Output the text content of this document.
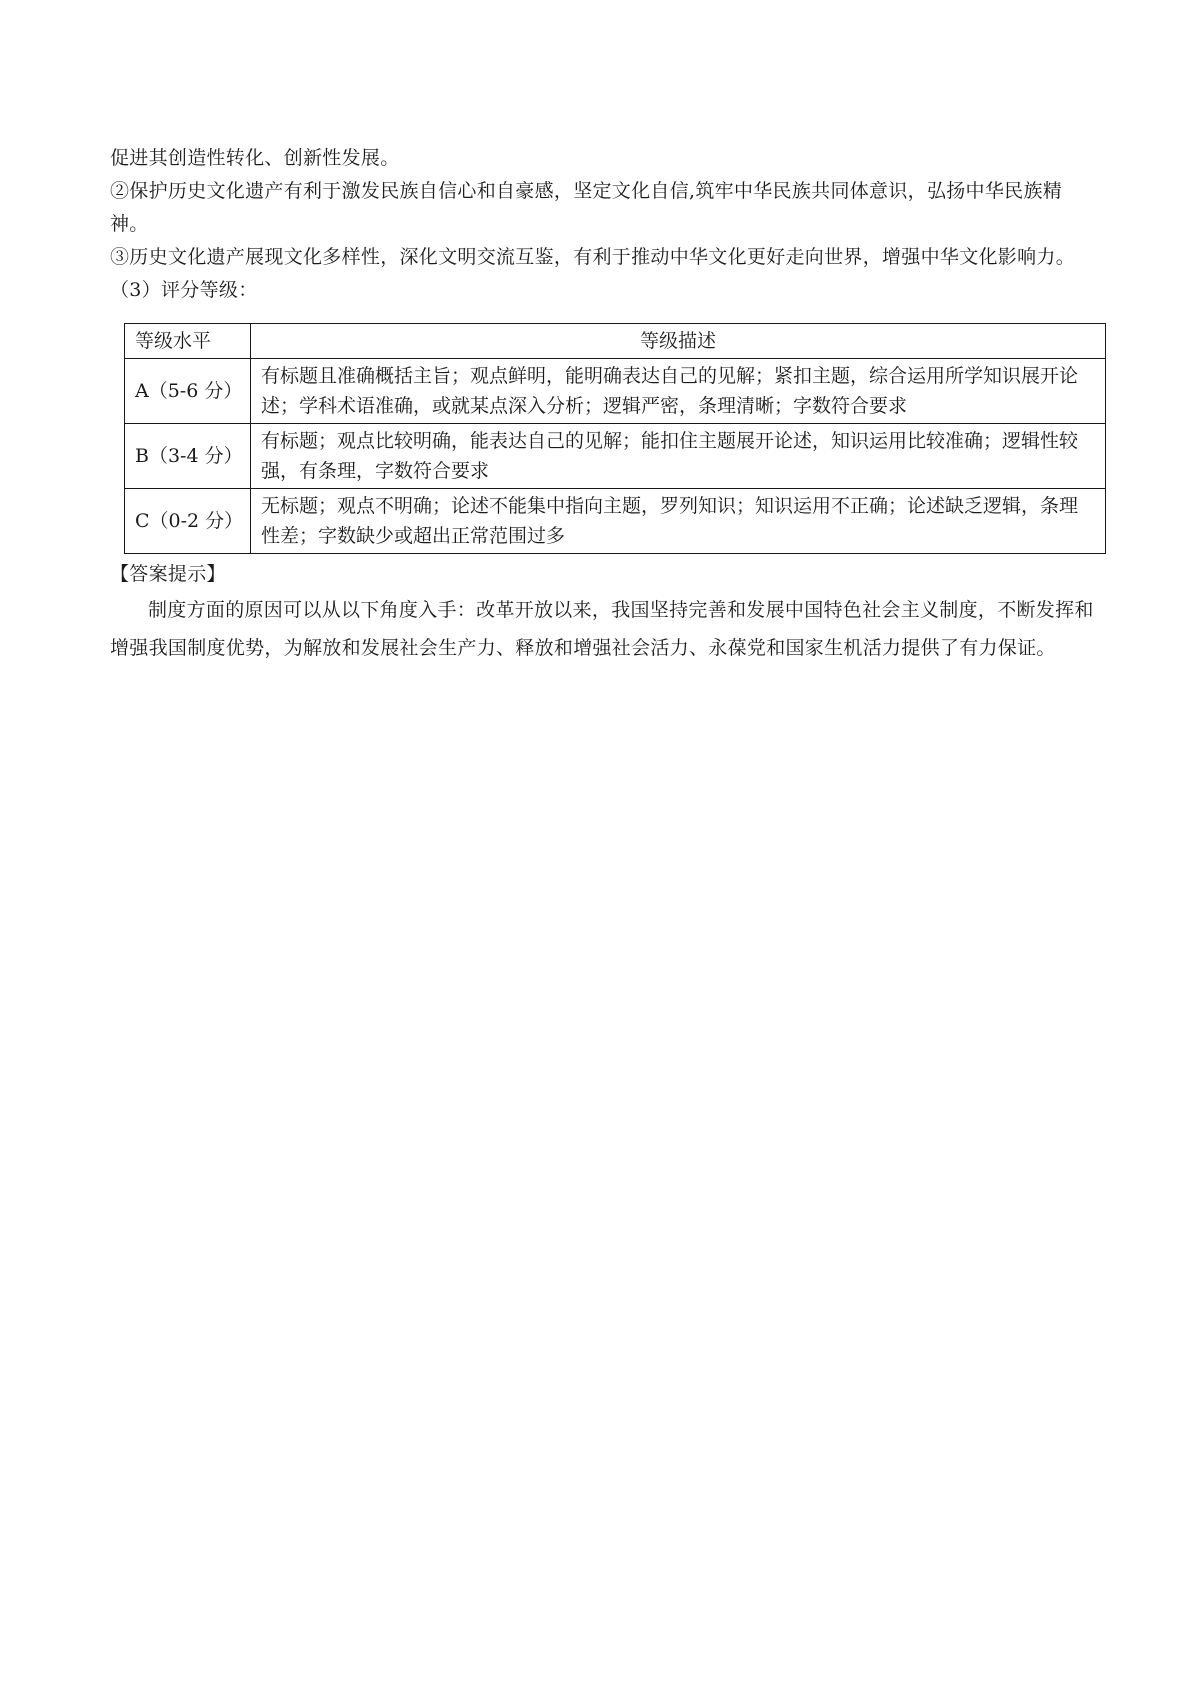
促进其创造性转化、创新性发展。

②保护历史文化遗产有利于激发民族自信心和自豪感，坚定文化自信,筑牢中华民族共同体意识，弘扬中华民族精神。

③历史文化遗产展现文化多样性，深化文明交流互鉴，有利于推动中华文化更好走向世界，增强中华文化影响力。

（3）评分等级：

等级水平	等级描述
A（5-6 分）	有标题且准确概括主旨；观点鲜明，能明确表达自己的见解；紧扣主题，综合运用所学知识展开论述；学科术语准确，或就某点深入分析；逻辑严密，条理清晰；字数符合要求
B（3-4 分）	有标题；观点比较明确，能表达自己的见解；能扣住主题展开论述，知识运用比较准确；逻辑性较强，有条理，字数符合要求
C（0-2 分）	无标题；观点不明确；论述不能集中指向主题，罗列知识；知识运用不正确；论述缺乏逻辑，条理性差；字数缺少或超出正常范围过多

【答案提示】

制度方面的原因可以从以下角度入手：改革开放以来，我国坚持完善和发展中国特色社会主义制度，不断发挥和增强我国制度优势，为解放和发展社会生产力、释放和增强社会活力、永葆党和国家生机活力提供了有力保证。
